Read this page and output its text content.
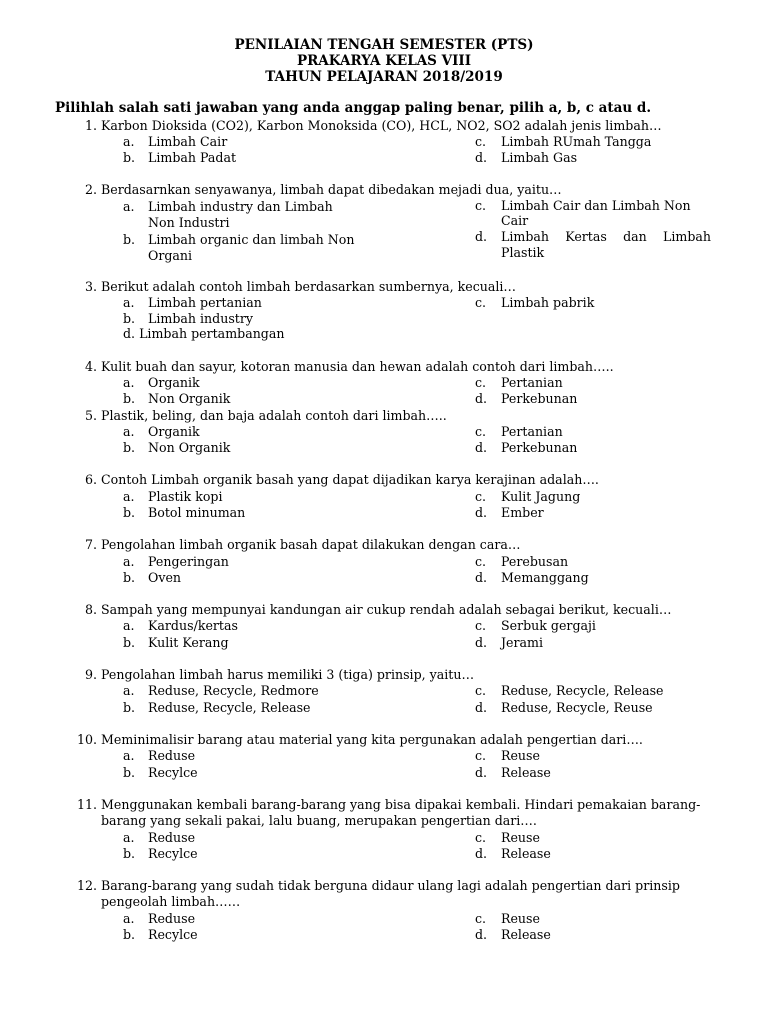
PENILAIAN TENGAH SEMESTER (PTS)
PRAKARYA KELAS VIII
TAHUN PELAJARAN 2018/2019
Pilihlah salah sati jawaban yang anda anggap paling benar, pilih a, b, c atau d.
1. Karbon Dioksida (CO2), Karbon Monoksida (CO), HCL, NO2, SO2 adalah jenis limbah…
a. Limbah Cair
b. Limbah Padat
c. Limbah RUmah Tangga
d. Limbah Gas
2. Berdasarnkan senyawanya, limbah dapat dibedakan mejadi dua, yaitu…
a. Limbah industry dan Limbah
Non Industri
b. Limbah organic dan limbah Non
Organi
c. Limbah Cair dan Limbah Non
Cair
d. Limbah Kertas dan Limbah
Plastik
3. Berikut adalah contoh limbah berdasarkan sumbernya, kecuali…
a. Limbah pertanian
b. Limbah industry
d. Limbah pertambangan
c. Limbah pabrik
4. Kulit buah dan sayur, kotoran manusia dan hewan adalah contoh dari limbah…..
a. Organik
b. Non Organik
c. Pertanian
d. Perkebunan
5. Plastik, beling, dan baja adalah contoh dari limbah…..
a. Organik
b. Non Organik
c. Pertanian
d. Perkebunan
6. Contoh Limbah organik basah yang dapat dijadikan karya kerajinan adalah….
a. Plastik kopi
b. Botol minuman
c. Kulit Jagung
d. Ember
7. Pengolahan limbah organik basah dapat dilakukan dengan cara…
a. Pengeringan
b. Oven
c. Perebusan
d. Memanggang
8. Sampah yang mempunyai kandungan air cukup rendah adalah sebagai berikut, kecuali…
a. Kardus/kertas
b. Kulit Kerang
c. Serbuk gergaji
d. Jerami
9. Pengolahan limbah harus memiliki 3 (tiga) prinsip, yaitu…
a. Reduse, Recycle, Redmore
b. Reduse, Recycle, Release
c. Reduse, Recycle, Release
d. Reduse, Recycle, Reuse
10. Meminimalisir barang atau material yang kita pergunakan adalah pengertian dari….
a. Reduse
b. Recylce
c. Reuse
d. Release
11. Menggunakan kembali barang-barang yang bisa dipakai kembali. Hindari pemakaian barang-
barang yang sekali pakai, lalu buang, merupakan pengertian dari….
a. Reduse
b. Recylce
c. Reuse
d. Release
12. Barang-barang yang sudah tidak berguna didaur ulang lagi adalah pengertian dari prinsip
pengeolah limbah……
a. Reduse
b. Recylce
c. Reuse
d. Release
